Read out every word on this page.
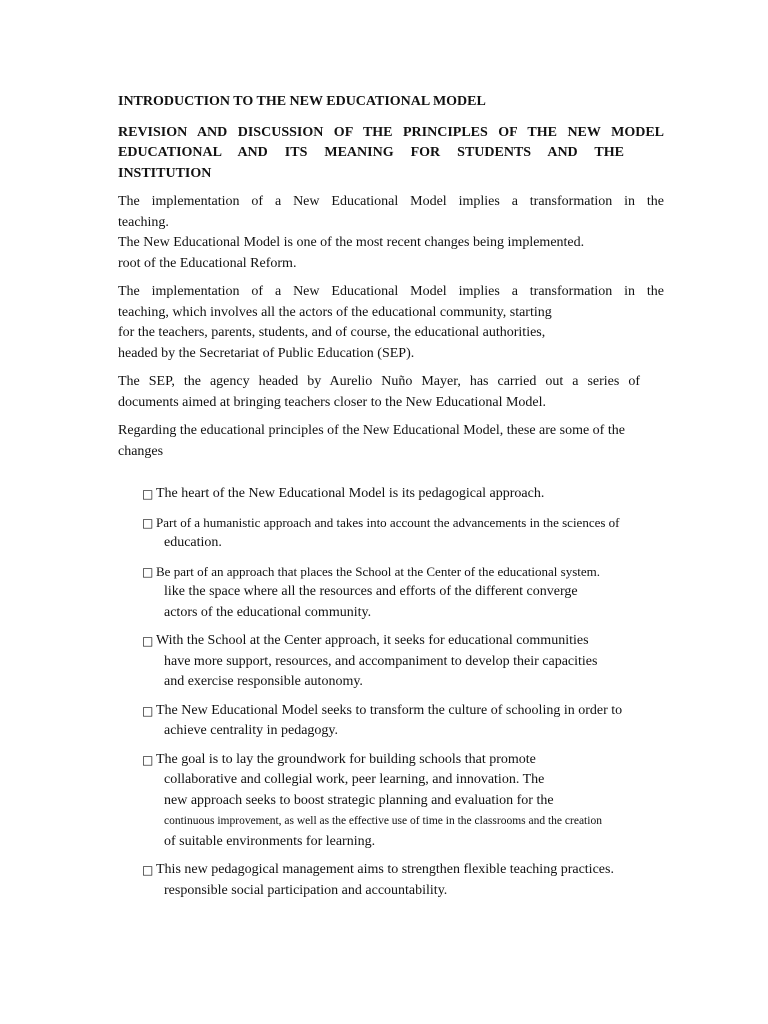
INTRODUCTION TO THE NEW EDUCATIONAL MODEL
REVISION AND DISCUSSION OF THE PRINCIPLES OF THE NEW MODEL
EDUCATIONAL AND ITS MEANING FOR STUDENTS AND THE
INSTITUTION
The implementation of a New Educational Model implies a transformation in the
teaching.
The New Educational Model is one of the most recent changes being implemented.
root of the Educational Reform.
The implementation of a New Educational Model implies a transformation in the
teaching, which involves all the actors of the educational community, starting
for the teachers, parents, students, and of course, the educational authorities,
headed by the Secretariat of Public Education (SEP).
The SEP, the agency headed by Aurelio Nuño Mayer, has carried out a series of
documents aimed at bringing teachers closer to the New Educational Model.
Regarding the educational principles of the New Educational Model, these are some of the
changes
□ The heart of the New Educational Model is its pedagogical approach.
□ Part of a humanistic approach and takes into account the advancements in the sciences of
education.
□ Be part of an approach that places the School at the Center of the educational system.
like the space where all the resources and efforts of the different converge
actors of the educational community.
□ With the School at the Center approach, it seeks for educational communities
have more support, resources, and accompaniment to develop their capacities
and exercise responsible autonomy.
□ The New Educational Model seeks to transform the culture of schooling in order to
achieve centrality in pedagogy.
□ The goal is to lay the groundwork for building schools that promote
collaborative and collegial work, peer learning, and innovation. The
new approach seeks to boost strategic planning and evaluation for the
continuous improvement, as well as the effective use of time in the classrooms and the creation
of suitable environments for learning.
□ This new pedagogical management aims to strengthen flexible teaching practices.
responsible social participation and accountability.
